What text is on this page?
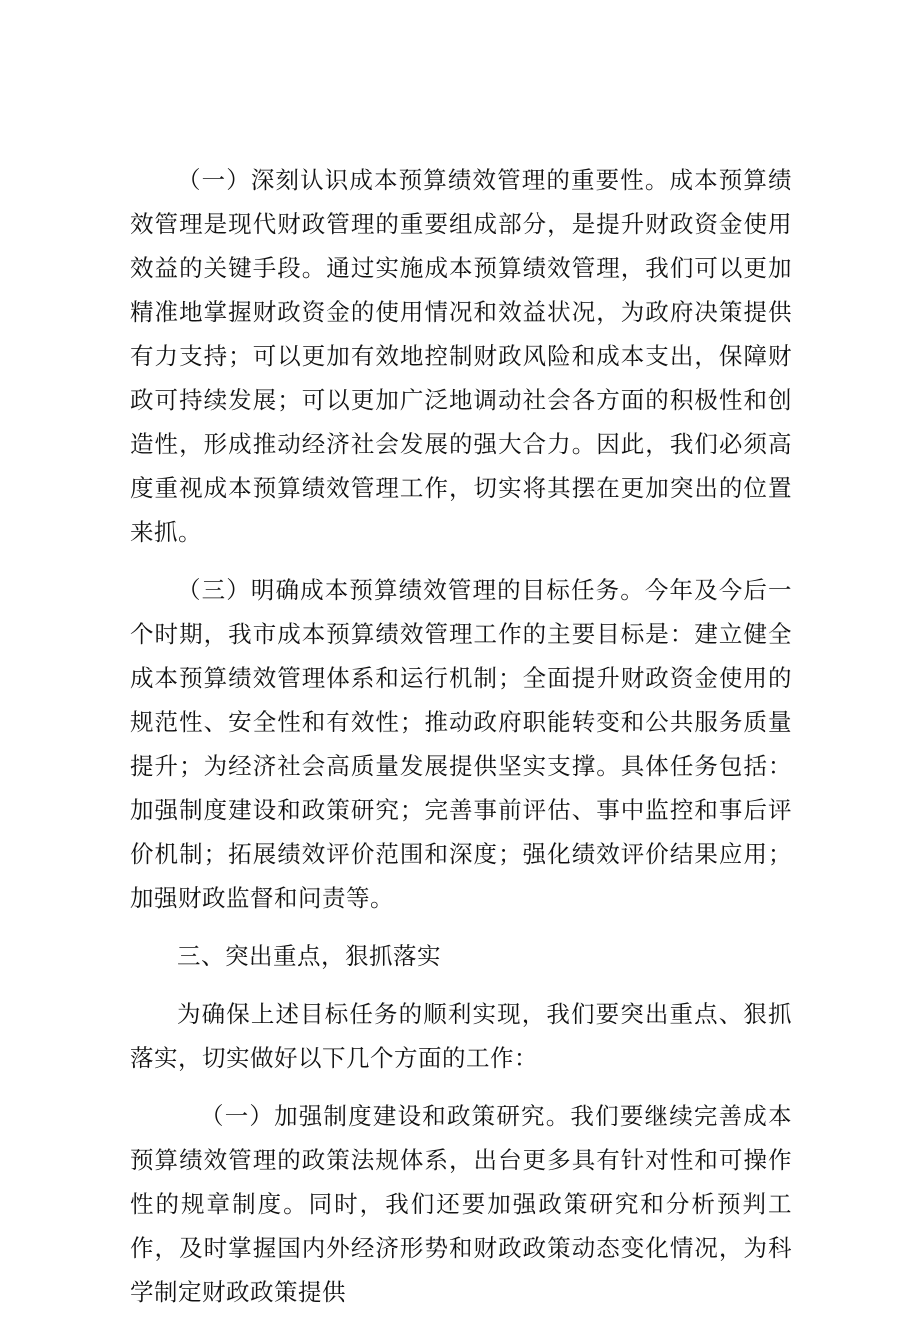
（一）深刻认识成本预算绩效管理的重要性。成本预算绩效管理是现代财政管理的重要组成部分，是提升财政资金使用效益的关键手段。通过实施成本预算绩效管理，我们可以更加精准地掌握财政资金的使用情况和效益状况，为政府决策提供有力支持；可以更加有效地控制财政风险和成本支出，保障财政可持续发展；可以更加广泛地调动社会各方面的积极性和创造性，形成推动经济社会发展的强大合力。因此，我们必须高度重视成本预算绩效管理工作，切实将其摆在更加突出的位置来抓。

（三）明确成本预算绩效管理的目标任务。今年及今后一个时期，我市成本预算绩效管理工作的主要目标是：建立健全成本预算绩效管理体系和运行机制；全面提升财政资金使用的规范性、安全性和有效性；推动政府职能转变和公共服务质量提升；为经济社会高质量发展提供坚实支撑。具体任务包括：加强制度建设和政策研究；完善事前评估、事中监控和事后评价机制；拓展绩效评价范围和深度；强化绩效评价结果应用；加强财政监督和问责等。

三、突出重点，狠抓落实

为确保上述目标任务的顺利实现，我们要突出重点、狠抓落实，切实做好以下几个方面的工作：

（一）加强制度建设和政策研究。我们要继续完善成本预算绩效管理的政策法规体系，出台更多具有针对性和可操作性的规章制度。同时，我们还要加强政策研究和分析预判工作，及时掌握国内外经济形势和财政政策动态变化情况，为科学制定财政政策提供
